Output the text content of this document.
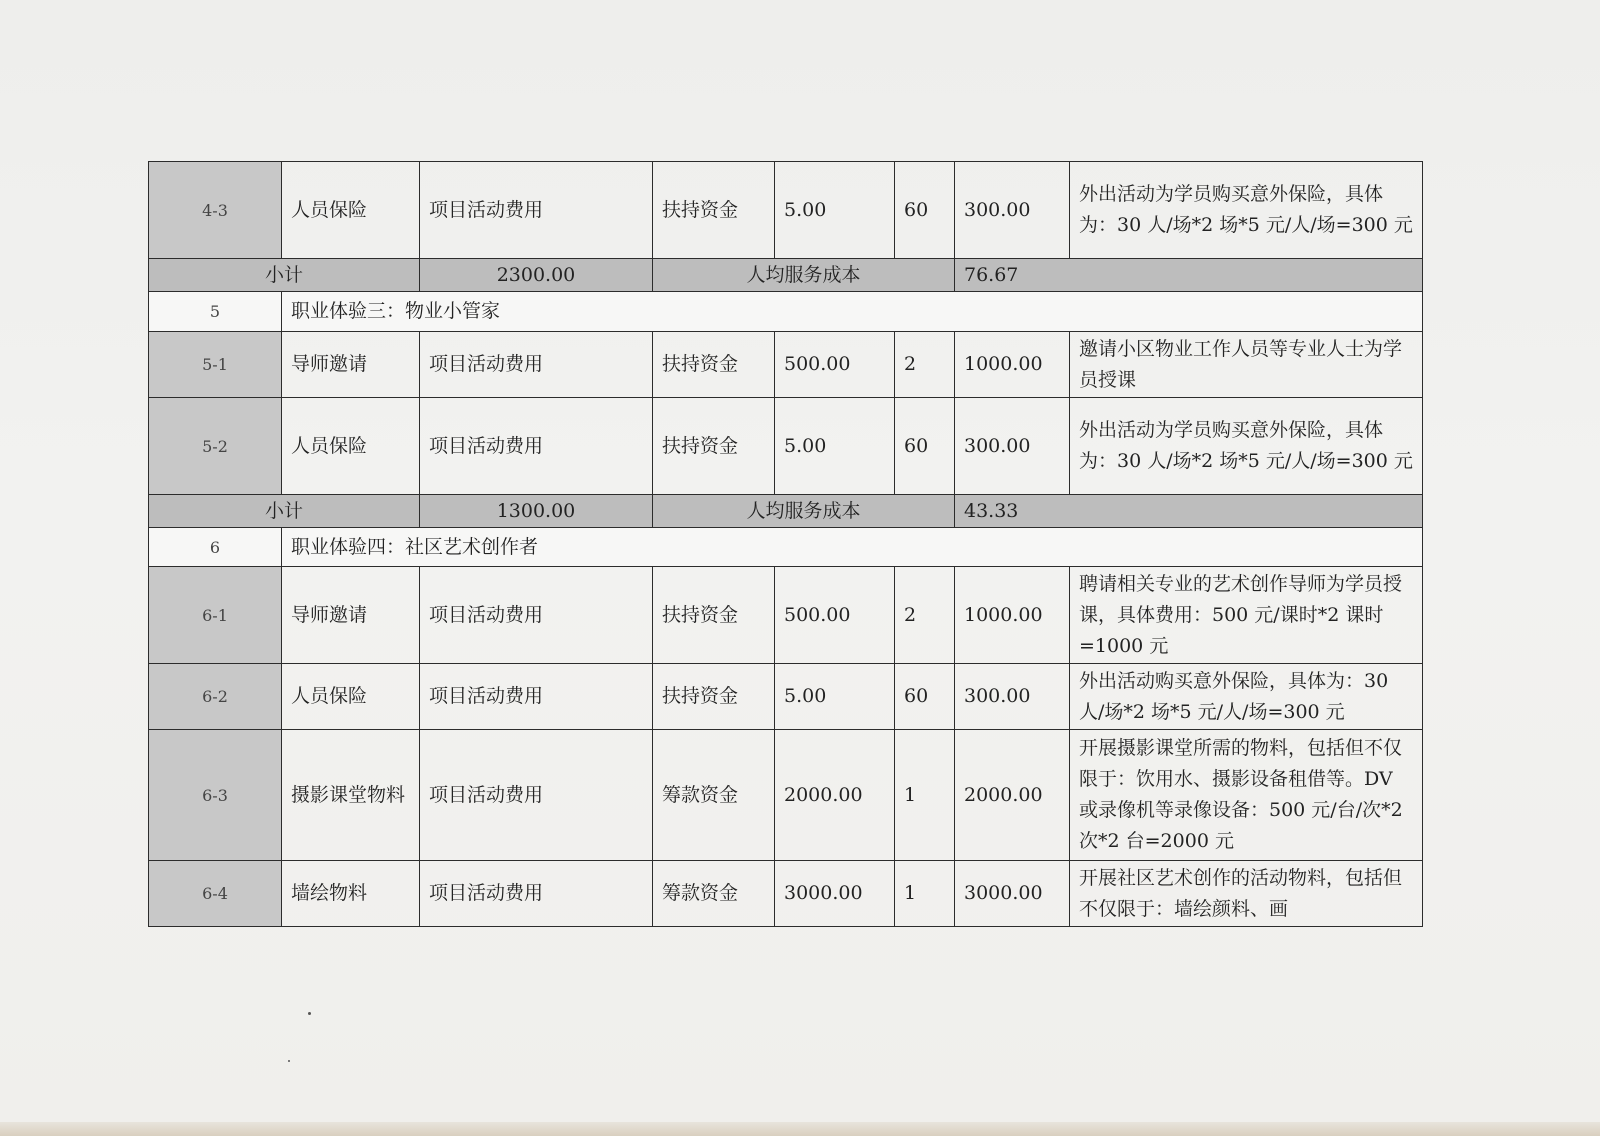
4-3	人员保险	项目活动费用	扶持资金	5.00	60	300.00	外出活动为学员购买意外保险，具体为：30 人/场*2 场*5 元/人/场=300 元
小计		2300.00	人均服务成本			76.67	
5	职业体验三：物业小管家						
5-1	导师邀请	项目活动费用	扶持资金	500.00	2	1000.00	邀请小区物业工作人员等专业人士为学员授课
5-2	人员保险	项目活动费用	扶持资金	5.00	60	300.00	外出活动为学员购买意外保险，具体为：30 人/场*2 场*5 元/人/场=300 元
小计		1300.00	人均服务成本			43.33	
6	职业体验四：社区艺术创作者						
6-1	导师邀请	项目活动费用	扶持资金	500.00	2	1000.00	聘请相关专业的艺术创作导师为学员授课，具体费用：500 元/课时*2 课时=1000 元
6-2	人员保险	项目活动费用	扶持资金	5.00	60	300.00	外出活动购买意外保险，具体为：30 人/场*2 场*5 元/人/场=300 元
6-3	摄影课堂物料	项目活动费用	筹款资金	2000.00	1	2000.00	开展摄影课堂所需的物料，包括但不仅限于：饮用水、摄影设备租借等。DV 或录像机等录像设备：500 元/台/次*2 次*2 台=2000 元
6-4	墙绘物料	项目活动费用	筹款资金	3000.00	1	3000.00	开展社区艺术创作的活动物料，包括但不仅限于：墙绘颜料、画
